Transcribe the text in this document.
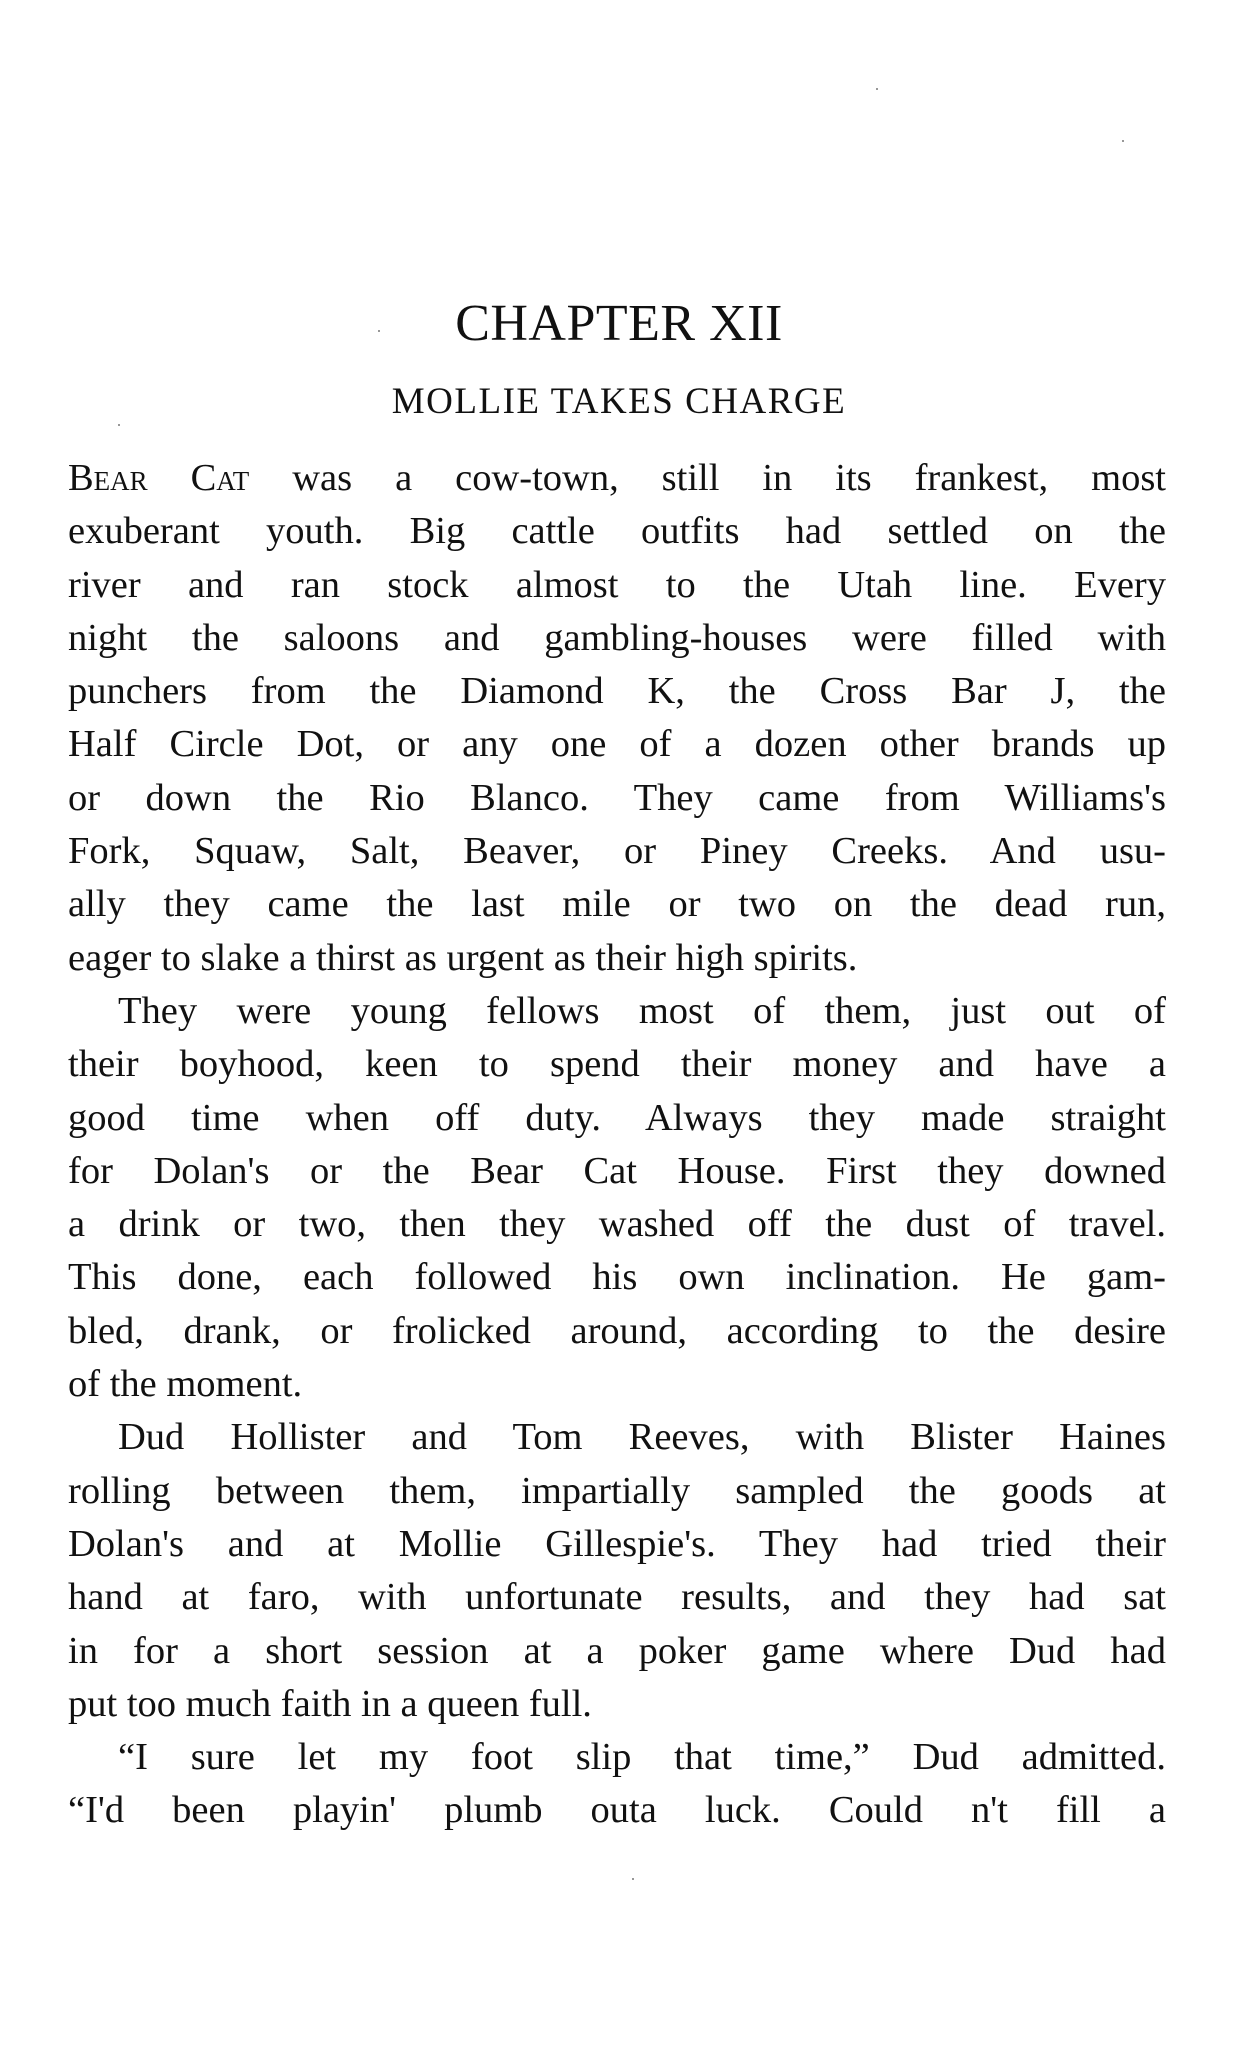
CHAPTER XII
MOLLIE TAKES CHARGE
Bear Cat was a cow-town, still in its frankest, most
exuberant youth. Big cattle outfits had settled on the
river and ran stock almost to the Utah line. Every
night the saloons and gambling-houses were filled with
punchers from the Diamond K, the Cross Bar J, the
Half Circle Dot, or any one of a dozen other brands up
or down the Rio Blanco. They came from Williams's
Fork, Squaw, Salt, Beaver, or Piney Creeks. And usu-
ally they came the last mile or two on the dead run,
eager to slake a thirst as urgent as their high spirits.
They were young fellows most of them, just out of
their boyhood, keen to spend their money and have a
good time when off duty. Always they made straight
for Dolan's or the Bear Cat House. First they downed
a drink or two, then they washed off the dust of travel.
This done, each followed his own inclination. He gam-
bled, drank, or frolicked around, according to the desire
of the moment.
Dud Hollister and Tom Reeves, with Blister Haines
rolling between them, impartially sampled the goods at
Dolan's and at Mollie Gillespie's. They had tried their
hand at faro, with unfortunate results, and they had sat
in for a short session at a poker game where Dud had
put too much faith in a queen full.
“I sure let my foot slip that time,” Dud admitted.
“I'd been playin' plumb outa luck. Could n't fill a
